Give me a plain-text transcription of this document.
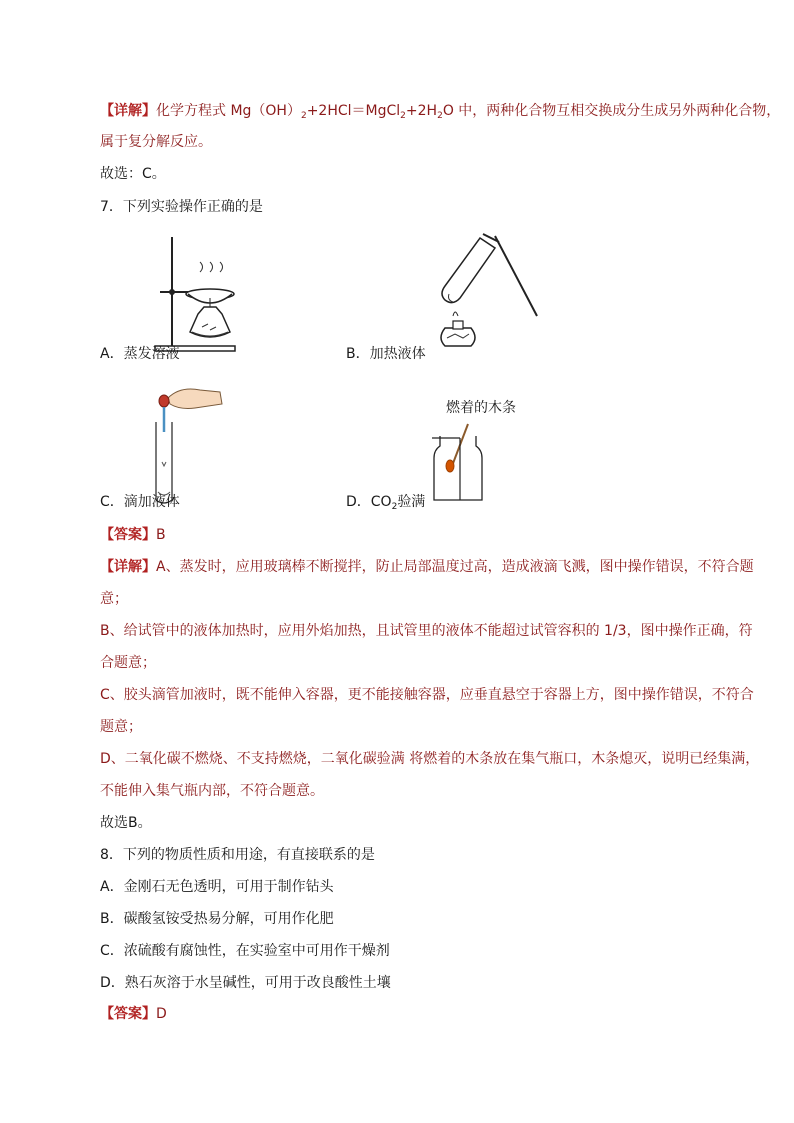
【详解】化学方程式 $Mg(OH)_2+2HCl=MgCl_2+2H_2O$ 中，两种化合物互相交换成分生成另外两种化合物，
属于复分解反应。
故选：C。
7．下列实验操作正确的是
A．蒸发溶液	B．加热液体
C．滴加液体
燃着的木条
D．$CO_2$验满
【答案】B
【详解】A、蒸发时，应用玻璃棒不断搅拌，防止局部温度过高，造成液滴飞溅，图中操作错误，不符合题
意；
B、给试管中的液体加热时，应用外焰加热，且试管里的液体不能超过试管容积的 1/3，图中操作正确，符
合题意；
C、胶头滴管加液时，既不能伸入容器，更不能接触容器，应垂直悬空于容器上方，图中操作错误，不符合
题意；
D、二氧化碳不燃烧、不支持燃烧，二氧化碳验满 将燃着的木条放在集气瓶口，木条熄灭，说明已经集满，
不能伸入集气瓶内部，不符合题意。
故选B。
8．下列的物质性质和用途，有直接联系的是
A．金刚石无色透明，可用于制作钻头
B．碳酸氢铵受热易分解，可用作化肥
C．浓硫酸有腐蚀性，在实验室中可用作干燥剂
D．熟石灰溶于水呈碱性，可用于改良酸性土壤
【答案】D
